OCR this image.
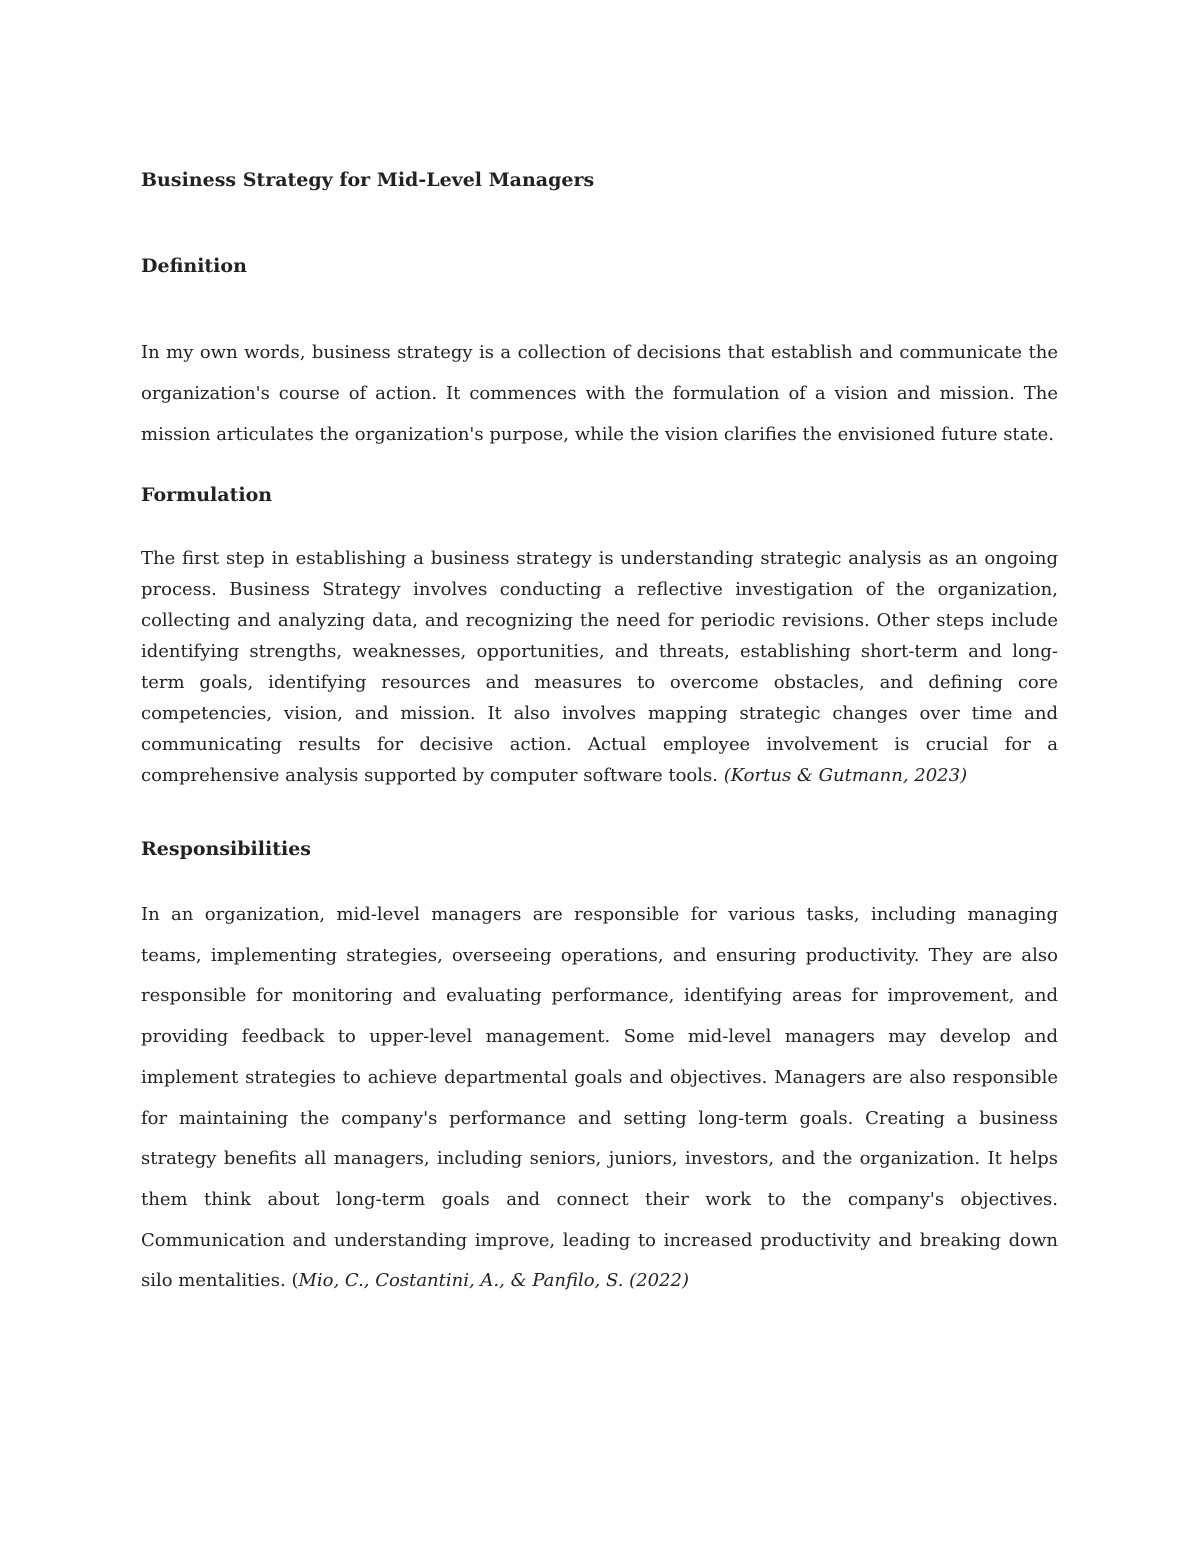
Business Strategy for Mid-Level Managers
Definition

In my own words, business strategy is a collection of decisions that establish and communicate the organization's course of action. It commences with the formulation of a vision and mission. The mission articulates the organization's purpose, while the vision clarifies the envisioned future state.

Formulation

The first step in establishing a business strategy is understanding strategic analysis as an ongoing process. Business Strategy involves conducting a reflective investigation of the organization, collecting and analyzing data, and recognizing the need for periodic revisions. Other steps include identifying strengths, weaknesses, opportunities, and threats, establishing short-term and long-term goals, identifying resources and measures to overcome obstacles, and defining core competencies, vision, and mission. It also involves mapping strategic changes over time and communicating results for decisive action. Actual employee involvement is crucial for a comprehensive analysis supported by computer software tools. (Kortus & Gutmann, 2023)

Responsibilities

In an organization, mid-level managers are responsible for various tasks, including managing teams, implementing strategies, overseeing operations, and ensuring productivity. They are also responsible for monitoring and evaluating performance, identifying areas for improvement, and providing feedback to upper-level management. Some mid-level managers may develop and implement strategies to achieve departmental goals and objectives. Managers are also responsible for maintaining the company's performance and setting long-term goals. Creating a business strategy benefits all managers, including seniors, juniors, investors, and the organization. It helps them think about long-term goals and connect their work to the company's objectives. Communication and understanding improve, leading to increased productivity and breaking down silo mentalities. (Mio, C., Costantini, A., & Panfilo, S. (2022)
